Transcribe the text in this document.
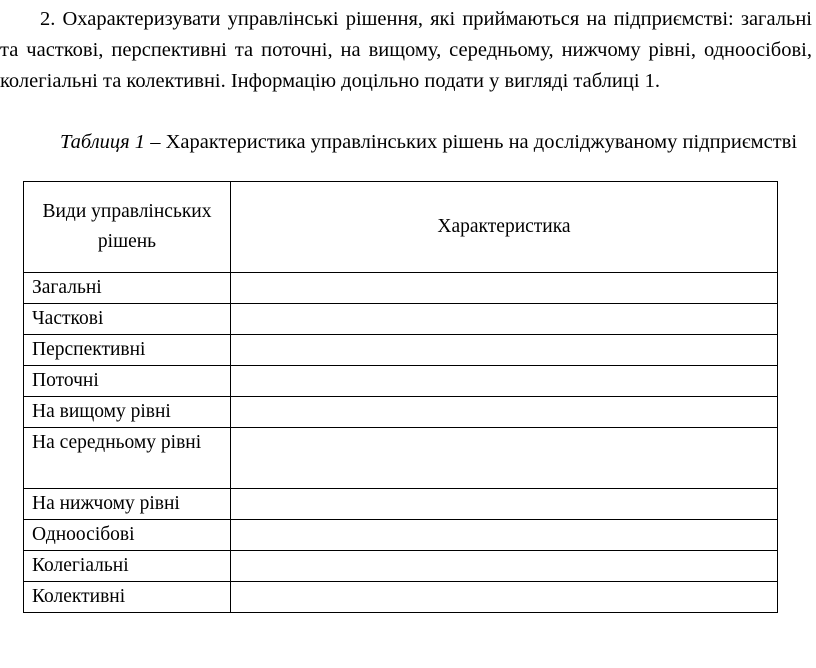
2. Охарактеризувати управлінські рішення, які приймаються на підприємстві: загальні та часткові, перспективні та поточні, на вищому, середньому, нижчому рівні, одноосібові, колегіальні та колективні. Інформацію доцільно подати у вигляді таблиці 1.

Таблиця 1 – Характеристика управлінських рішень на досліджуваному підприємстві

Види управлінських рішень	Характеристика
Загальні	
Часткові	
Перспективні	
Поточні	
На вищому рівні	
На середньому рівні	
На нижчому рівні	
Одноосібові	
Колегіальні	
Колективні	
